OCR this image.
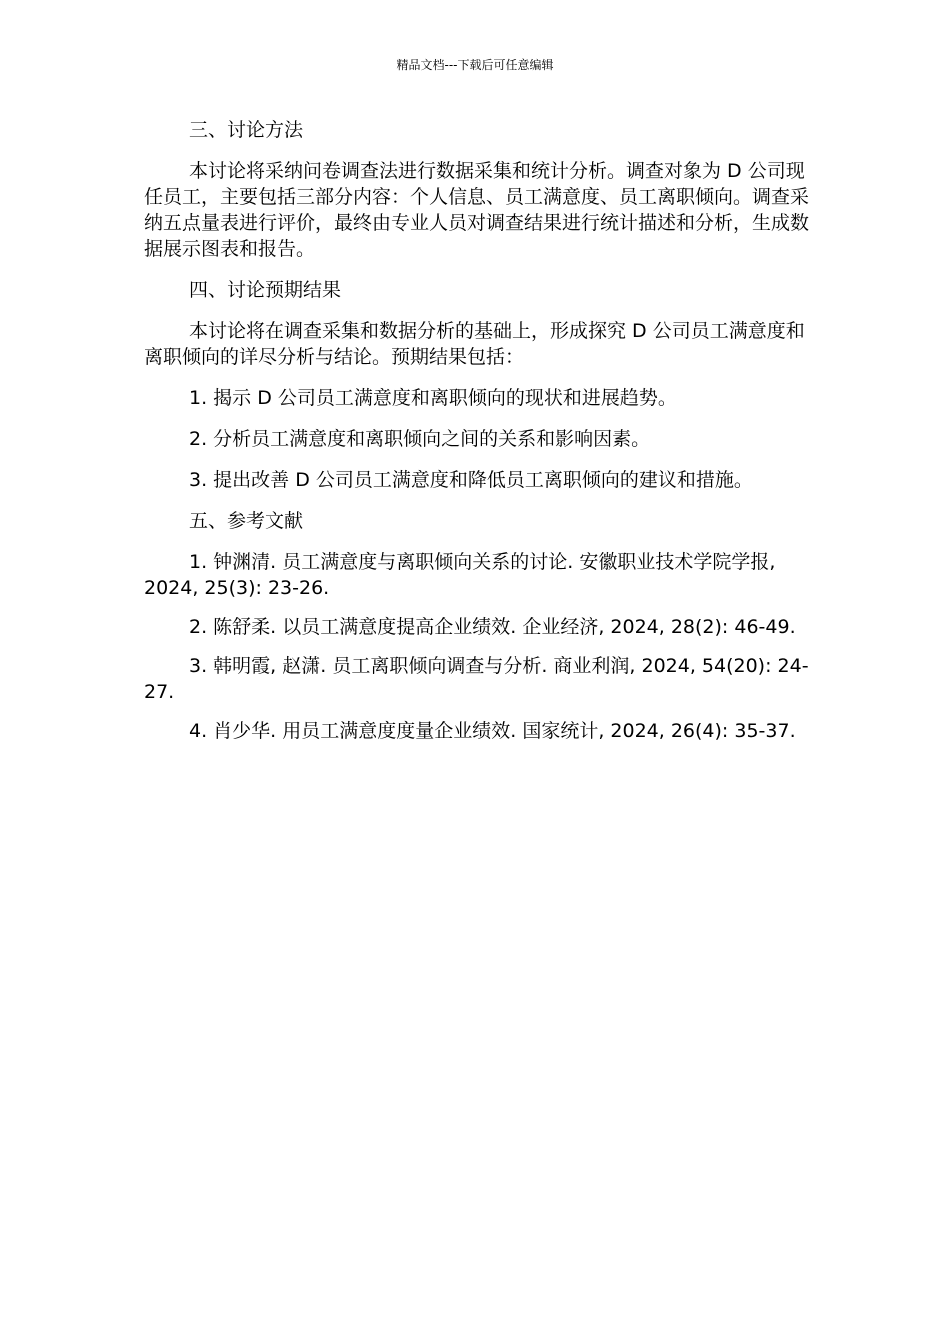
精品文档---下载后可任意编辑
三、讨论方法
本讨论将采纳问卷调查法进行数据采集和统计分析。调查对象为 D 公司现任员工，主要包括三部分内容：个人信息、员工满意度、员工离职倾向。调查采纳五点量表进行评价，最终由专业人员对调查结果进行统计描述和分析，生成数据展示图表和报告。
四、讨论预期结果
本讨论将在调查采集和数据分析的基础上，形成探究 D 公司员工满意度和离职倾向的详尽分析与结论。预期结果包括：
1. 揭示 D 公司员工满意度和离职倾向的现状和进展趋势。
2. 分析员工满意度和离职倾向之间的关系和影响因素。
3. 提出改善 D 公司员工满意度和降低员工离职倾向的建议和措施。
五、参考文献
1. 钟渊清. 员工满意度与离职倾向关系的讨论. 安徽职业技术学院学报, 2024, 25(3): 23-26.
2. 陈舒柔. 以员工满意度提高企业绩效. 企业经济, 2024, 28(2): 46-49.
3. 韩明霞, 赵潇. 员工离职倾向调查与分析. 商业利润, 2024, 54(20): 24-27.
4. 肖少华. 用员工满意度度量企业绩效. 国家统计, 2024, 26(4): 35-37.
